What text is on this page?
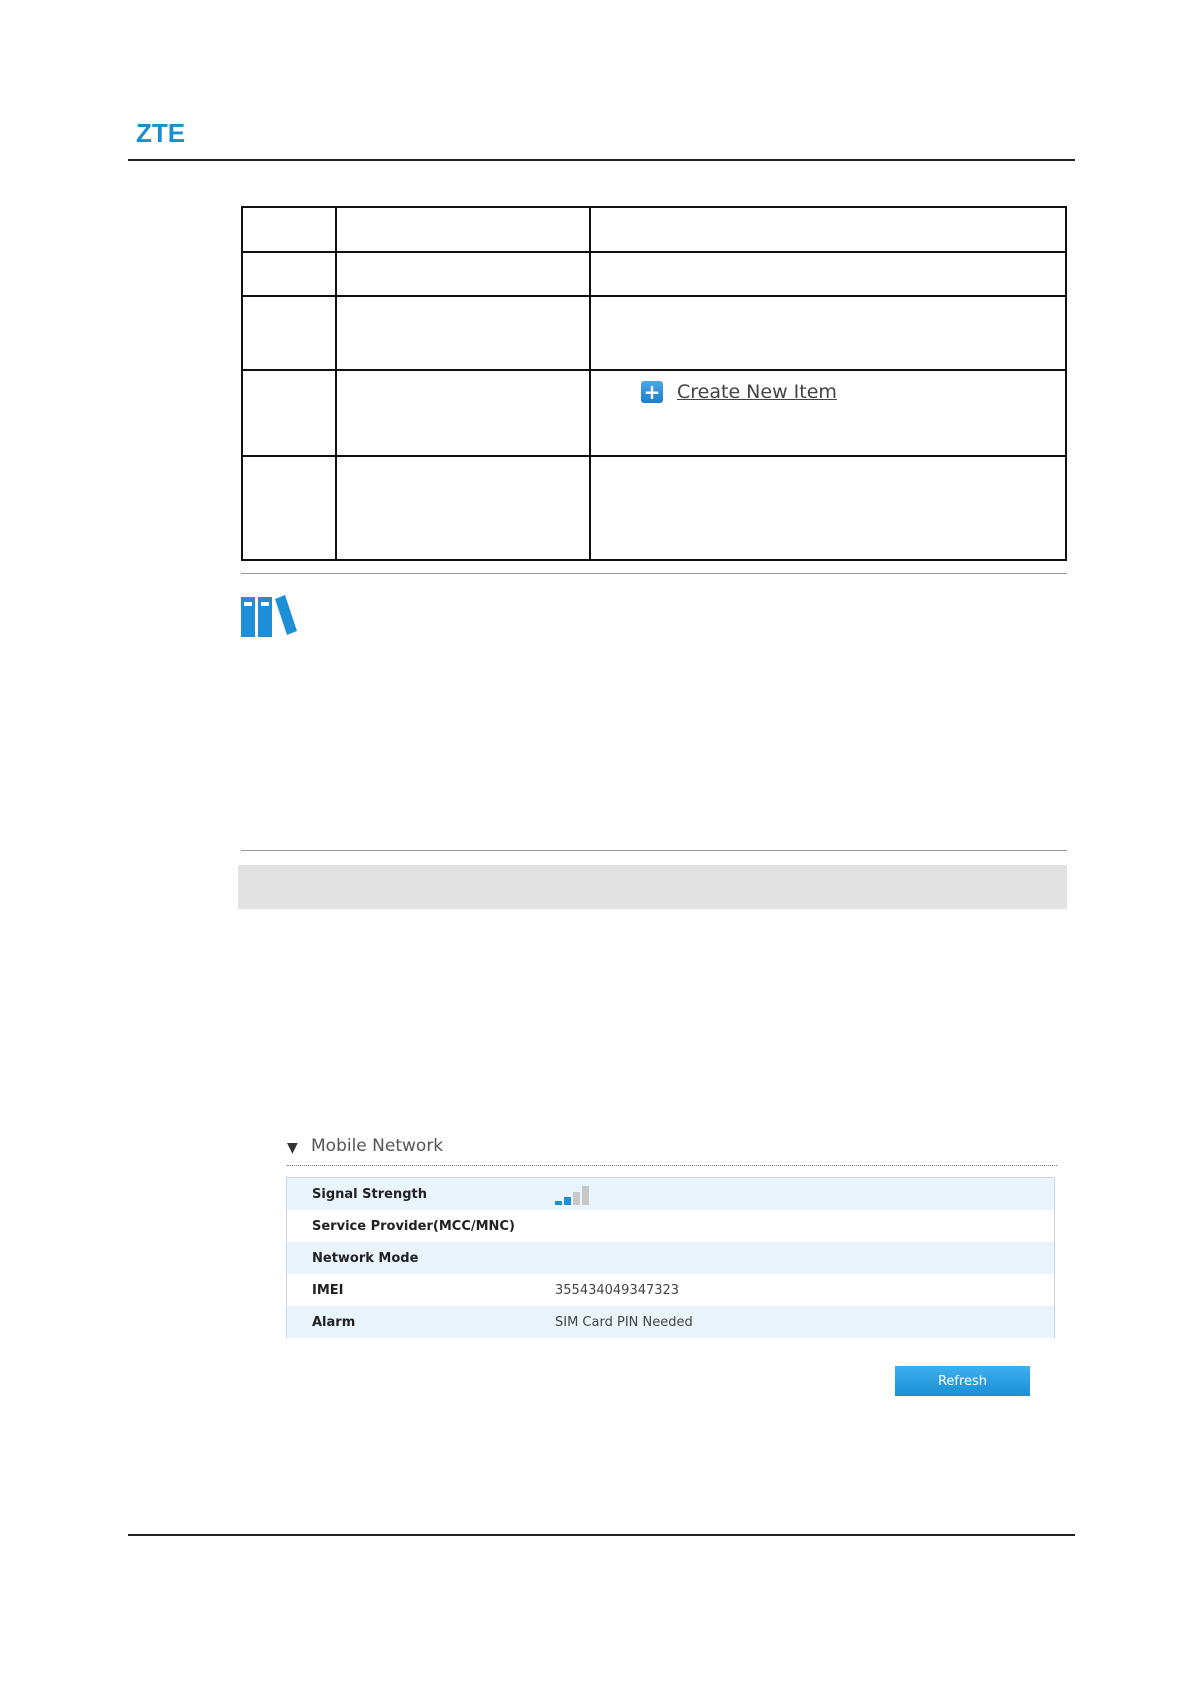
ZTE

		+ Create New Item

▼ Mobile Network
Signal Strength
Service Provider(MCC/MNC)
Network Mode
IMEI	355434049347323
Alarm	SIM Card PIN Needed
Refresh
